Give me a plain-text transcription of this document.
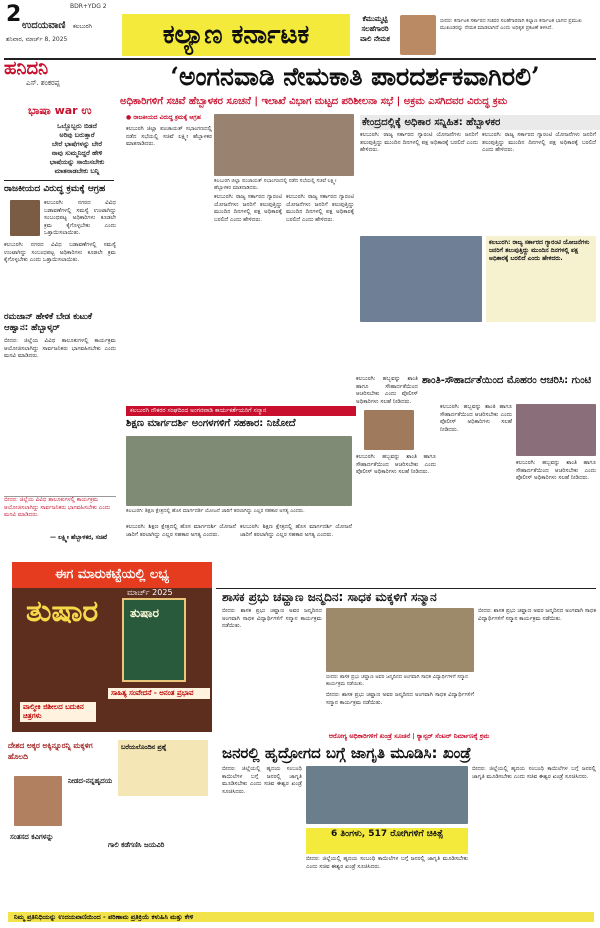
2	BDR+YDG 2
ಉದಯವಾಣಿ ಕಲಬುರಗಿ
ಶನಿವಾರ, ಮಾರ್ಚ್ 8, 2025	ಕಲ್ಯಾಣ ಕರ್ನಾಟಕ
ಕೆಮುಮ್ಮಟ್ಟಿ
ಸಲಹೆಗಾರರಿ
ವಾಲಿ ನೇಮಕ
ಬೀದರ: ಕರ್ನಾಟಕ ಸರ್ಕಾರದ ಸಚಿವರ ಸಲಹೆಗಾರರಾಗಿ ಕಲ್ಯಾಣ ಕರ್ನಾಟಕ ಭಾಗದ ಪ್ರಮುಖ ಮುಖಂಡರನ್ನು ನೇಮಕ ಮಾಡಲಾಗಿದೆ ಎಂದು ಅಧಿಕೃತ ಪ್ರಕಟಣೆ ತಿಳಿಸಿದೆ.
ಹನಿದನಿ
ಎಸ್. ಶಂಕರಪ್ಪ
ಭಾಷಾ war ಉ
ಒಬ್ಬೊಬ್ಬರು ಬಿಡದೆ
ಅರಿವು ಬರುತ್ತಾರೆ
ಬೇರೆ ಭಾಷೆಗಳನ್ನು ಬೇರೆ
ನಾವು ಸುಮ್ಮನಿದ್ದರೆ ಹೇಳಿ
ಭಾಷೆಯನ್ನು ಸಾಯಿಸಬೇಕು
ಮಾತನಾಡಬೇಕು ಬನ್ನಿ
‘ಅಂಗನವಾಡಿ ನೇಮಕಾತಿ ಪಾರದರ್ಶಕವಾಗಿರಲಿ’
ಅಧಿಕಾರಿಗಳಿಗೆ ಸಚಿವೆ ಹೆಬ್ಬಾಳಕರ ಸೂಚನೆ | ಇಲಾಖೆ ವಿಭಾಗ ಮಟ್ಟದ ಪರಿಶೀಲನಾ ಸಭೆ | ಅಕ್ರಮ ಎಸಗಿದವರ ವಿರುದ್ಧ ಕ್ರಮ
ರಾಜಕೀಯದ ವಿರುದ್ಧ ಕ್ರಮಕ್ಕೆ ಆಗ್ರಹ
ಕಲಬುರಗಿ: ನಗರದ ವಿವಿಧ ಬಡಾವಣೆಗಳಲ್ಲಿ ಸಮಸ್ಯೆ ಉಂಟಾಗಿದ್ದು ಸಂಬಂಧಪಟ್ಟ ಅಧಿಕಾರಿಗಳು ಕೂಡಲೇ ಕ್ರಮ ಕೈಗೊಳ್ಳಬೇಕು ಎಂದು ಒತ್ತಾಯಿಸಲಾಯಿತು.
ಕಲಬುರಗಿ: ನಗರದ ವಿವಿಧ ಬಡಾವಣೆಗಳಲ್ಲಿ ಸಮಸ್ಯೆ ಉಂಟಾಗಿದ್ದು ಸಂಬಂಧಪಟ್ಟ ಅಧಿಕಾರಿಗಳು ಕೂಡಲೇ ಕ್ರಮ ಕೈಗೊಳ್ಳಬೇಕು ಎಂದು ಒತ್ತಾಯಿಸಲಾಯಿತು.
ರಮಜಾನ್ ಹೇಳಿಕೆ ಬೇಡ ಕುಟುಕೆ ಆಹ್ವಾನ: ಹೆಬ್ಬಾಳ್ಕರ್
ಬೀದರ: ಜಿಲ್ಲೆಯ ವಿವಿಧ ತಾಲೂಕುಗಳಲ್ಲಿ ಕಾರ್ಯಕ್ರಮ ಆಯೋಜಿಸಲಾಗಿದ್ದು ಸಾರ್ವಜನಿಕರು ಭಾಗವಹಿಸಬೇಕು ಎಂದು ಮನವಿ ಮಾಡಿದರು.
ಬೀದರ: ಜಿಲ್ಲೆಯ ವಿವಿಧ ತಾಲೂಕುಗಳಲ್ಲಿ ಕಾರ್ಯಕ್ರಮ ಆಯೋಜಿಸಲಾಗಿದ್ದು ಸಾರ್ವಜನಿಕರು ಭಾಗವಹಿಸಬೇಕು ಎಂದು ಮನವಿ ಮಾಡಿದರು.
— ಲಕ್ಷ್ಮೀ ಹೆಬ್ಬಾಳಕರ, ಸಚಿವೆ
● ರಾಜಕೀಯದ ವಿರುದ್ಧ ಕ್ರಮಕ್ಕೆ ಆಗ್ರಹ
ಕಲಬುರಗಿ ಜಿಲ್ಲಾ ಪಂಚಾಯತ್ ಸಭಾಂಗಣದಲ್ಲಿ ನಡೆದ ಸಭೆಯಲ್ಲಿ ಸಚಿವೆ ಲಕ್ಷ್ಮೀ ಹೆಬ್ಬಾಳಕರ ಮಾತನಾಡಿದರು.
ಕಲಬುರಗಿ ಜಿಲ್ಲಾ ಪಂಚಾಯತ್ ಸಭಾಂಗಣದಲ್ಲಿ ನಡೆದ ಸಭೆಯಲ್ಲಿ ಸಚಿವೆ ಲಕ್ಷ್ಮೀ ಹೆಬ್ಬಾಳಕರ ಮಾತನಾಡಿದರು.
ಕಲಬುರಗಿ: ರಾಜ್ಯ ಸರ್ಕಾರದ ಗ್ಯಾರಂಟಿ ಯೋಜನೆಗಳು ಜನರಿಗೆ ತಲುಪುತ್ತಿದ್ದು ಮುಂದಿನ ದಿನಗಳಲ್ಲಿ ಪಕ್ಷ ಅಧಿಕಾರಕ್ಕೆ ಬರಲಿದೆ ಎಂದು ಹೇಳಿದರು.
ಕಲಬುರಗಿ: ರಾಜ್ಯ ಸರ್ಕಾರದ ಗ್ಯಾರಂಟಿ ಯೋಜನೆಗಳು ಜನರಿಗೆ ತಲುಪುತ್ತಿದ್ದು ಮುಂದಿನ ದಿನಗಳಲ್ಲಿ ಪಕ್ಷ ಅಧಿಕಾರಕ್ಕೆ ಬರಲಿದೆ ಎಂದು ಹೇಳಿದರು.
ಕೇಂದ್ರದಲ್ಲಿಕ್ಕೆ ಅಧಿಕಾರ ಸನ್ನಿಹಿತ: ಹೆಬ್ಬಾಳಕರ
ಕಲಬುರಗಿ: ರಾಜ್ಯ ಸರ್ಕಾರದ ಗ್ಯಾರಂಟಿ ಯೋಜನೆಗಳು ಜನರಿಗೆ ತಲುಪುತ್ತಿದ್ದು ಮುಂದಿನ ದಿನಗಳಲ್ಲಿ ಪಕ್ಷ ಅಧಿಕಾರಕ್ಕೆ ಬರಲಿದೆ ಎಂದು ಹೇಳಿದರು.
ಕಲಬುರಗಿ: ರಾಜ್ಯ ಸರ್ಕಾರದ ಗ್ಯಾರಂಟಿ ಯೋಜನೆಗಳು ಜನರಿಗೆ ತಲುಪುತ್ತಿದ್ದು ಮುಂದಿನ ದಿನಗಳಲ್ಲಿ ಪಕ್ಷ ಅಧಿಕಾರಕ್ಕೆ ಬರಲಿದೆ ಎಂದು ಹೇಳಿದರು.
ಕಲಬುರಗಿ: ರಾಜ್ಯ ಸರ್ಕಾರದ ಗ್ಯಾರಂಟಿ ಯೋಜನೆಗಳು ಜನರಿಗೆ ತಲುಪುತ್ತಿದ್ದು ಮುಂದಿನ ದಿನಗಳಲ್ಲಿ ಪಕ್ಷ ಅಧಿಕಾರಕ್ಕೆ ಬರಲಿದೆ ಎಂದು ಹೇಳಿದರು.
ಕಲಬುರಗಿ ನೌಕರರ ಸಂಘದಿಂದ ಅಂಗನವಾಡಿ ಕಾರ್ಯಕರ್ತೆಯರಿಗೆ ಸನ್ಮಾನ
ಶಿಕ್ಷಣ ಮಾರ್ಗದರ್ಶಿ ಅಂಗಳಗಳಿಗೆ ಸಹಕಾರ: ನಿಜೋದೆ
ಕಲಬುರಗಿ: ಶಿಕ್ಷಣ ಕ್ಷೇತ್ರದಲ್ಲಿ ಹೊಸ ಮಾರ್ಗದರ್ಶಿ ಯೋಜನೆ ಜಾರಿಗೆ ತರಲಾಗಿದ್ದು ಎಲ್ಲರ ಸಹಕಾರ ಅಗತ್ಯ ಎಂದರು.
ಕಲಬುರಗಿ: ಶಿಕ್ಷಣ ಕ್ಷೇತ್ರದಲ್ಲಿ ಹೊಸ ಮಾರ್ಗದರ್ಶಿ ಯೋಜನೆ ಜಾರಿಗೆ ತರಲಾಗಿದ್ದು ಎಲ್ಲರ ಸಹಕಾರ ಅಗತ್ಯ ಎಂದರು.
ಕಲಬುರಗಿ: ಶಿಕ್ಷಣ ಕ್ಷೇತ್ರದಲ್ಲಿ ಹೊಸ ಮಾರ್ಗದರ್ಶಿ ಯೋಜನೆ ಜಾರಿಗೆ ತರಲಾಗಿದ್ದು ಎಲ್ಲರ ಸಹಕಾರ ಅಗತ್ಯ ಎಂದರು.
ಶಾಂತಿ-ಸೌಹಾರ್ದತೆಯಿಂದ ಮೊಹರಂ ಆಚರಿಸಿ: ಗುಂಟಿ
ಕಲಬುರಗಿ: ಹಬ್ಬವನ್ನು ಶಾಂತಿ ಹಾಗೂ ಸೌಹಾರ್ದತೆಯಿಂದ ಆಚರಿಸಬೇಕು ಎಂದು ಪೊಲೀಸ್ ಅಧಿಕಾರಿಗಳು ಸಲಹೆ ನೀಡಿದರು.
ಕಲಬುರಗಿ: ಹಬ್ಬವನ್ನು ಶಾಂತಿ ಹಾಗೂ ಸೌಹಾರ್ದತೆಯಿಂದ ಆಚರಿಸಬೇಕು ಎಂದು ಪೊಲೀಸ್ ಅಧಿಕಾರಿಗಳು ಸಲಹೆ ನೀಡಿದರು.
ಕಲಬುರಗಿ: ಹಬ್ಬವನ್ನು ಶಾಂತಿ ಹಾಗೂ ಸೌಹಾರ್ದತೆಯಿಂದ ಆಚರಿಸಬೇಕು ಎಂದು ಪೊಲೀಸ್ ಅಧಿಕಾರಿಗಳು ಸಲಹೆ ನೀಡಿದರು.
ಕಲಬುರಗಿ: ಹಬ್ಬವನ್ನು ಶಾಂತಿ ಹಾಗೂ ಸೌಹಾರ್ದತೆಯಿಂದ ಆಚರಿಸಬೇಕು ಎಂದು ಪೊಲೀಸ್ ಅಧಿಕಾರಿಗಳು ಸಲಹೆ ನೀಡಿದರು.
ಶಾಸಕ ಪ್ರಭು ಚವ್ಹಾಣ ಜನ್ಮದಿನ: ಸಾಧಕ ಮಕ್ಕಳಿಗೆ ಸನ್ಮಾನ
ಬೀದರ: ಶಾಸಕ ಪ್ರಭು ಚವ್ಹಾಣ ಅವರ ಜನ್ಮದಿನದ ಅಂಗವಾಗಿ ಸಾಧಕ ವಿದ್ಯಾರ್ಥಿಗಳಿಗೆ ಸನ್ಮಾನ ಕಾರ್ಯಕ್ರಮ ನಡೆಯಿತು.
ಬೀದರ: ಶಾಸಕ ಪ್ರಭು ಚವ್ಹಾಣ ಅವರ ಜನ್ಮದಿನದ ಅಂಗವಾಗಿ ಸಾಧಕ ವಿದ್ಯಾರ್ಥಿಗಳಿಗೆ ಸನ್ಮಾನ ಕಾರ್ಯಕ್ರಮ ನಡೆಯಿತು.
ಬೀದರ: ಶಾಸಕ ಪ್ರಭು ಚವ್ಹಾಣ ಅವರ ಜನ್ಮದಿನದ ಅಂಗವಾಗಿ ಸಾಧಕ ವಿದ್ಯಾರ್ಥಿಗಳಿಗೆ ಸನ್ಮಾನ ಕಾರ್ಯಕ್ರಮ ನಡೆಯಿತು.
ಬೀದರ: ಶಾಸಕ ಪ್ರಭು ಚವ್ಹಾಣ ಅವರ ಜನ್ಮದಿನದ ಅಂಗವಾಗಿ ಸಾಧಕ ವಿದ್ಯಾರ್ಥಿಗಳಿಗೆ ಸನ್ಮಾನ ಕಾರ್ಯಕ್ರಮ ನಡೆಯಿತು.
ಆರೋಗ್ಯ ಅಧಿಕಾರಿಗಳಿಗೆ ಖಂಡ್ರೆ ಸೂಚನೆ | ಕ್ಯಾನ್ಸರ್ ಸೆಂಟರ್ ನಿರ್ಮಾಣಕ್ಕೆ ಕ್ರಮ
ಜನರಲ್ಲಿ ಹೃದ್ರೋಗದ ಬಗ್ಗೆ ಜಾಗೃತಿ ಮೂಡಿಸಿ: ಖಂಡ್ರೆ
ಬೀದರ: ಜಿಲ್ಲೆಯಲ್ಲಿ ಹೃದಯ ಸಂಬಂಧಿ ಕಾಯಿಲೆಗಳ ಬಗ್ಗೆ ಜನರಲ್ಲಿ ಜಾಗೃತಿ ಮೂಡಿಸಬೇಕು ಎಂದು ಸಚಿವ ಈಶ್ವರ ಖಂಡ್ರೆ ಸೂಚಿಸಿದರು.
6 ತಿಂಗಳು, 517 ರೋಗಿಗಳಿಗೆ ಚಿಕಿತ್ಸೆ
ಬೀದರ: ಜಿಲ್ಲೆಯಲ್ಲಿ ಹೃದಯ ಸಂಬಂಧಿ ಕಾಯಿಲೆಗಳ ಬಗ್ಗೆ ಜನರಲ್ಲಿ ಜಾಗೃತಿ ಮೂಡಿಸಬೇಕು ಎಂದು ಸಚಿವ ಈಶ್ವರ ಖಂಡ್ರೆ ಸೂಚಿಸಿದರು.
ಬೀದರ: ಜಿಲ್ಲೆಯಲ್ಲಿ ಹೃದಯ ಸಂಬಂಧಿ ಕಾಯಿಲೆಗಳ ಬಗ್ಗೆ ಜನರಲ್ಲಿ ಜಾಗೃತಿ ಮೂಡಿಸಬೇಕು ಎಂದು ಸಚಿವ ಈಶ್ವರ ಖಂಡ್ರೆ ಸೂಚಿಸಿದರು.
ಈಗ ಮಾರುಕಟ್ಟೆಯಲ್ಲಿ ಲಭ್ಯ
ತುಷಾರ
ಮಾರ್ಚ್ 2025
ತುಷಾರ
ವಾಲ್ಮೀಕಿ ಜಿಶೀಲದ ಬದುಕಿನ ಚಿತ್ರಗಳು
ಸಾಹಿತ್ಯ ಸಂವೇದನೆ - ಅನಂತ ಪ್ರಭಾವ
ದೇಶದ ಅಕ್ಕರ ಅಕ್ಕಿನ್ನೂರನ್ನಿ ಮಕ್ಕಳಿಗ ಹೊಲದಿ
ನೀಡದ-ನನ್ನಹೃದಯ
ಬರೆಯಲೊಂದಿನ ಪ್ರಶ್ನೆ
ಸಂತಸದ ಕವಿಗಳನ್ನು
ಗಾಲಿ ಕಡೆಗಣಿಸಿ ಜಯವಿರಿ
ನಿಮ್ಮ ಪ್ರತಿನಿಧಿಯನ್ನು ಉದಯವಾಣಿಯಿಂದ - ಪರಿಣಾಮ ಪ್ರತಿಕ್ರಿಯೆ ಕಳುಹಿಸಿ ಮತ್ತು ಕೇಳಿ
